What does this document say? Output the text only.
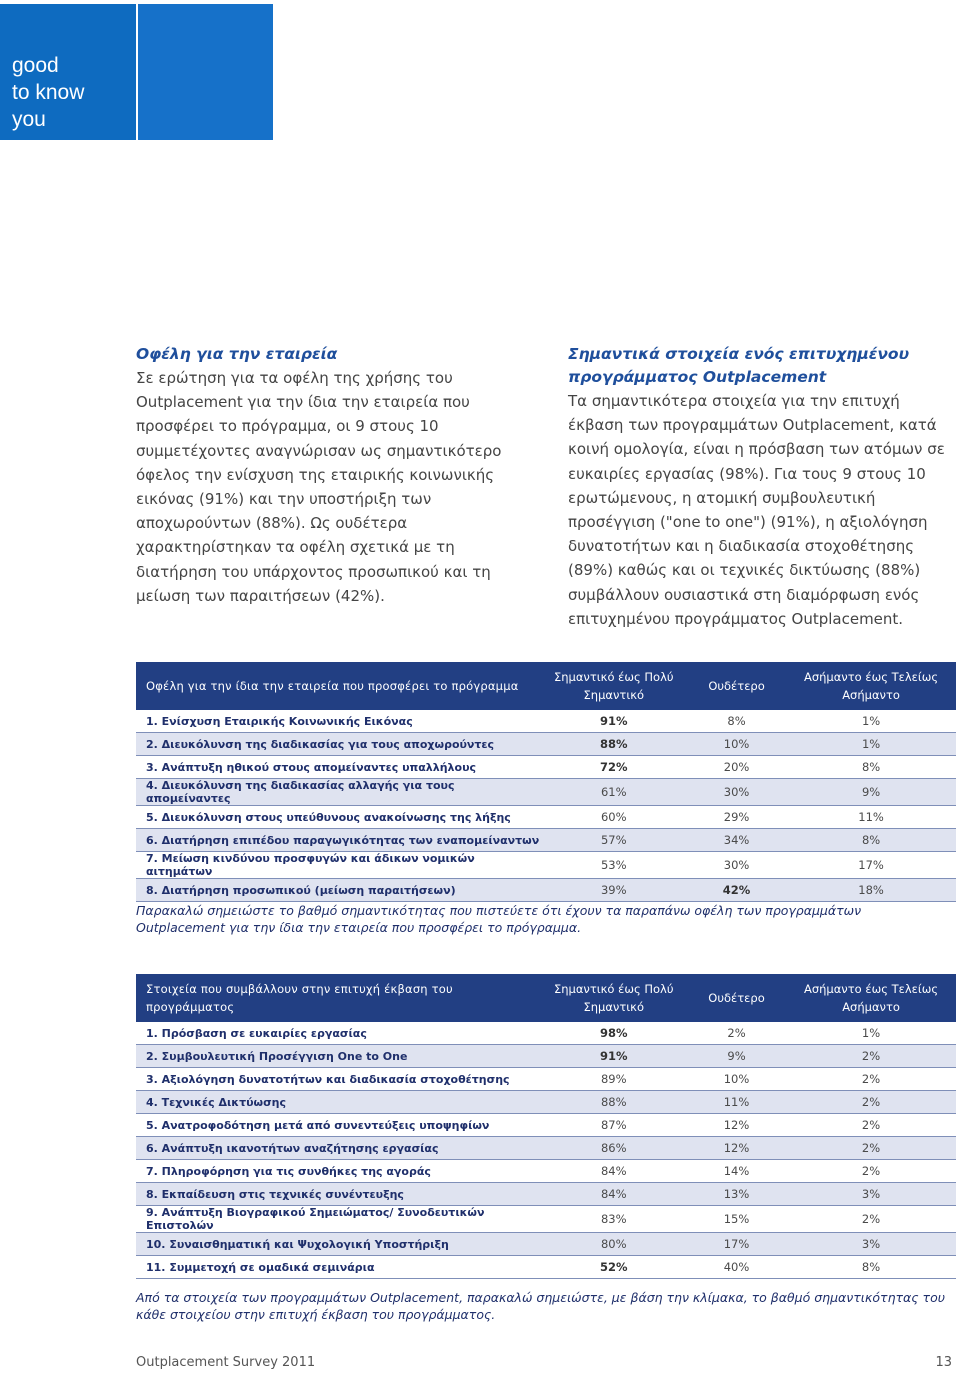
good
to know
you
Οφέλη για την εταιρεία

Σε ερώτηση για τα οφέλη της χρήσης του Outplacement για την ίδια την εταιρεία που προσφέρει το πρόγραμμα, οι 9 στους 10 συμμετέχοντες αναγνώρισαν ως σημαντικότερο όφελος την ενίσχυση της εταιρικής κοινωνικής εικόνας (91%) και την υποστήριξη των αποχωρούντων (88%). Ως ουδέτερα χαρακτηρίστηκαν τα οφέλη σχετικά με τη διατήρηση του υπάρχοντος προσωπικού και τη μείωση των παραιτήσεων (42%).

Σημαντικά στοιχεία ενός επιτυχημένου προγράμματος Outplacement

Τα σημαντικότερα στοιχεία για την επιτυχή έκβαση των προγραμμάτων Outplacement, κατά κοινή ομολογία, είναι η πρόσβαση των ατόμων σε ευκαιρίες εργασίας (98%). Για τους 9 στους 10 ερωτώμενους, η ατομική συμβουλευτική προσέγγιση ("one to one") (91%), η αξιολόγηση δυνατοτήτων και η διαδικασία στοχοθέτησης (89%) καθώς και οι τεχνικές δικτύωσης (88%) συμβάλλουν ουσιαστικά στη διαμόρφωση ενός επιτυχημένου προγράμματος Outplacement.

Οφέλη για την ίδια την εταιρεία που προσφέρει το πρόγραμμα	Σημαντικό έως Πολύ Σημαντικό	Ουδέτερο	Ασήμαντο έως Τελείως Ασήμαντο
1. Ενίσχυση Εταιρικής Κοινωνικής Εικόνας	91%	8%	1%
2. Διευκόλυνση της διαδικασίας για τους αποχωρούντες	88%	10%	1%
3. Ανάπτυξη ηθικού στους απομείναντες υπαλλήλους	72%	20%	8%
4. Διευκόλυνση της διαδικασίας αλλαγής για τους απομείναντες	61%	30%	9%
5. Διευκόλυνση στους υπεύθυνους ανακοίνωσης της λήξης	60%	29%	11%
6. Διατήρηση επιπέδου παραγωγικότητας των εναπομείναντων	57%	34%	8%
7. Μείωση κινδύνου προσφυγών και άδικων νομικών αιτημάτων	53%	30%	17%
8. Διατήρηση προσωπικού (μείωση παραιτήσεων)	39%	42%	18%
Παρακαλώ σημειώστε το βαθμό σημαντικότητας που πιστεύετε ότι έχουν τα παραπάνω οφέλη των προγραμμάτων Outplacement για την ίδια την εταιρεία που προσφέρει το πρόγραμμα.
Στοιχεία που συμβάλλουν στην επιτυχή έκβαση του προγράμματος	Σημαντικό έως Πολύ Σημαντικό	Ουδέτερο	Ασήμαντο έως Τελείως Ασήμαντο
1. Πρόσβαση σε ευκαιρίες εργασίας	98%	2%	1%
2. Συμβουλευτική Προσέγγιση One to One	91%	9%	2%
3. Αξιολόγηση δυνατοτήτων και διαδικασία στοχοθέτησης	89%	10%	2%
4. Τεχνικές Δικτύωσης	88%	11%	2%
5. Ανατροφοδότηση μετά από συνεντεύξεις υποψηφίων	87%	12%	2%
6. Ανάπτυξη ικανοτήτων αναζήτησης εργασίας	86%	12%	2%
7. Πληροφόρηση για τις συνθήκες της αγοράς	84%	14%	2%
8. Εκπαίδευση στις τεχνικές συνέντευξης	84%	13%	3%
9. Ανάπτυξη Βιογραφικού Σημειώματος/ Συνοδευτικών Επιστολών	83%	15%	2%
10. Συναισθηματική και Ψυχολογική Υποστήριξη	80%	17%	3%
11. Συμμετοχή σε ομαδικά σεμινάρια	52%	40%	8%
Από τα στοιχεία των προγραμμάτων Outplacement, παρακαλώ σημειώστε, με βάση την κλίμακα, το βαθμό σημαντικότητας του κάθε στοιχείου στην επιτυχή έκβαση του προγράμματος.
Outplacement Survey 2011	13
